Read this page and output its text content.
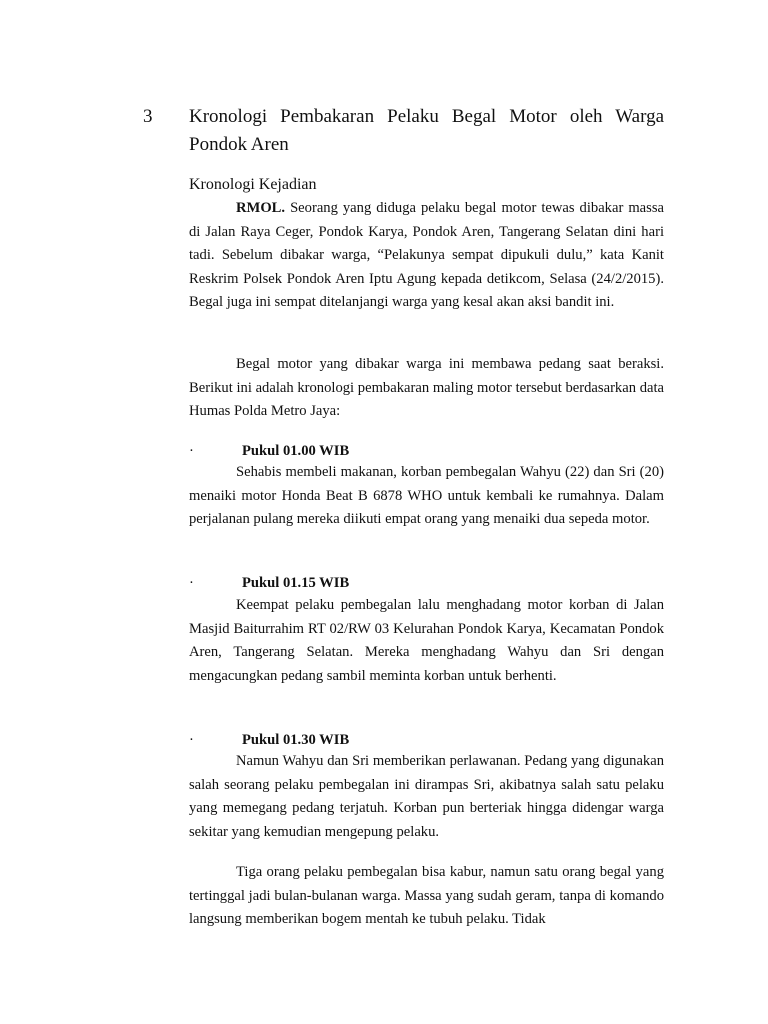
3 Kronologi Pembakaran Pelaku Begal Motor oleh Warga Pondok Aren
Kronologi Kejadian

RMOL. Seorang yang diduga pelaku begal motor tewas dibakar massa di Jalan Raya Ceger, Pondok Karya, Pondok Aren, Tangerang Selatan dini hari tadi. Sebelum dibakar warga, “Pelakunya sempat dipukuli dulu,” kata Kanit Reskrim Polsek Pondok Aren Iptu Agung kepada detikcom, Selasa (24/2/2015). Begal juga ini sempat ditelanjangi warga yang kesal akan aksi bandit ini.

Begal motor yang dibakar warga ini membawa pedang saat beraksi. Berikut ini adalah kronologi pembakaran maling motor tersebut berdasarkan data Humas Polda Metro Jaya:

·	Pukul 01.00 WIB

Sehabis membeli makanan, korban pembegalan Wahyu (22) dan Sri (20) menaiki motor Honda Beat B 6878 WHO untuk kembali ke rumahnya. Dalam perjalanan pulang mereka diikuti empat orang yang menaiki dua sepeda motor.

·	Pukul 01.15 WIB

Keempat pelaku pembegalan lalu menghadang motor korban di Jalan Masjid Baiturrahim RT 02/RW 03 Kelurahan Pondok Karya, Kecamatan Pondok Aren, Tangerang Selatan. Mereka menghadang Wahyu dan Sri dengan mengacungkan pedang sambil meminta korban untuk berhenti.

·	Pukul 01.30 WIB

Namun Wahyu dan Sri memberikan perlawanan. Pedang yang digunakan salah seorang pelaku pembegalan ini dirampas Sri, akibatnya salah satu pelaku yang memegang pedang terjatuh. Korban pun berteriak hingga didengar warga sekitar yang kemudian mengepung pelaku.

Tiga orang pelaku pembegalan bisa kabur, namun satu orang begal yang tertinggal jadi bulan-bulanan warga. Massa yang sudah geram, tanpa di komando langsung memberikan bogem mentah ke tubuh pelaku. Tidak
